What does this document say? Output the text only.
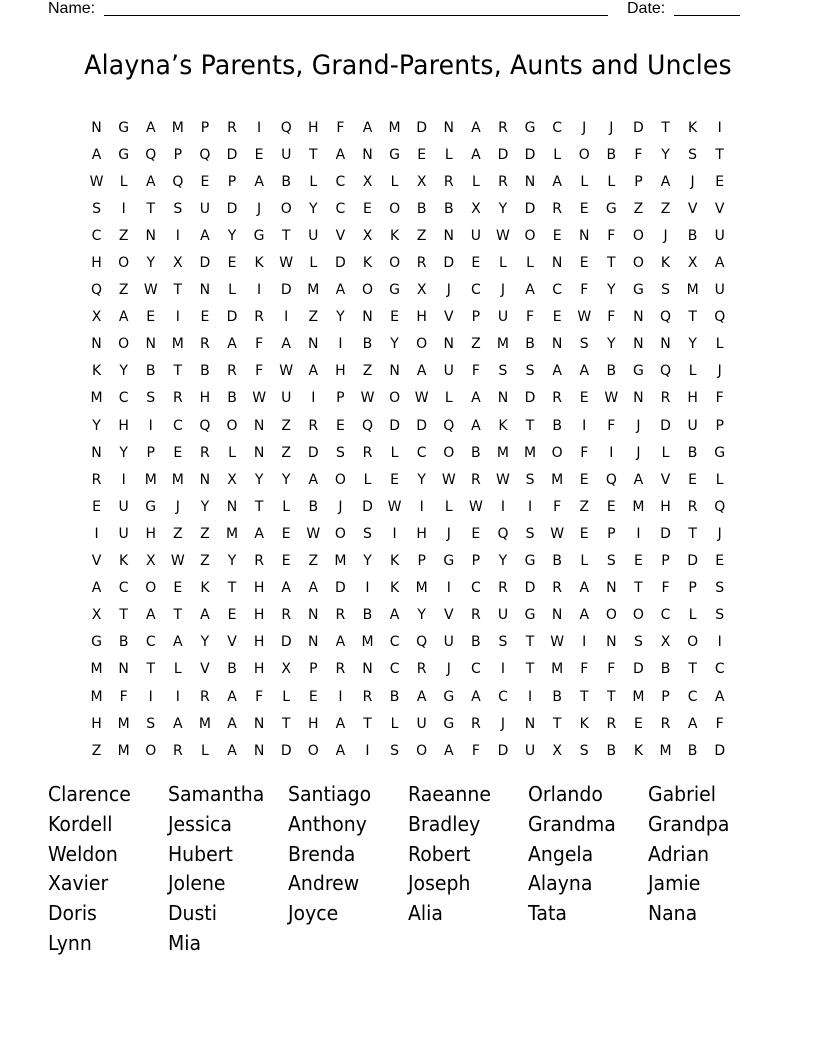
Name:	Date:
Alayna’s Parents, Grand-Parents, Aunts and Uncles
N	G	A	M	P	R	I	Q	H	F	A	M	D	N	A	R	G	C	J	J	D	T	K	I
A	G	Q	P	Q	D	E	U	T	A	N	G	E	L	A	D	D	L	O	B	F	Y	S	T
W	L	A	Q	E	P	A	B	L	C	X	L	X	R	L	R	N	A	L	L	P	A	J	E
S	I	T	S	U	D	J	O	Y	C	E	O	B	B	X	Y	D	R	E	G	Z	Z	V	V
C	Z	N	I	A	Y	G	T	U	V	X	K	Z	N	U	W	O	E	N	F	O	J	B	U
H	O	Y	X	D	E	K	W	L	D	K	O	R	D	E	L	L	N	E	T	O	K	X	A
Q	Z	W	T	N	L	I	D	M	A	O	G	X	J	C	J	A	C	F	Y	G	S	M	U
X	A	E	I	E	D	R	I	Z	Y	N	E	H	V	P	U	F	E	W	F	N	Q	T	Q
N	O	N	M	R	A	F	A	N	I	B	Y	O	N	Z	M	B	N	S	Y	N	N	Y	L
K	Y	B	T	B	R	F	W	A	H	Z	N	A	U	F	S	S	A	A	B	G	Q	L	J
M	C	S	R	H	B	W	U	I	P	W	O	W	L	A	N	D	R	E	W	N	R	H	F
Y	H	I	C	Q	O	N	Z	R	E	Q	D	D	Q	A	K	T	B	I	F	J	D	U	P
N	Y	P	E	R	L	N	Z	D	S	R	L	C	O	B	M	M	O	F	I	J	L	B	G
R	I	M	M	N	X	Y	Y	A	O	L	E	Y	W	R	W	S	M	E	Q	A	V	E	L
E	U	G	J	Y	N	T	L	B	J	D	W	I	L	W	I	I	F	Z	E	M	H	R	Q
I	U	H	Z	Z	M	A	E	W	O	S	I	H	J	E	Q	S	W	E	P	I	D	T	J
V	K	X	W	Z	Y	R	E	Z	M	Y	K	P	G	P	Y	G	B	L	S	E	P	D	E
A	C	O	E	K	T	H	A	A	D	I	K	M	I	C	R	D	R	A	N	T	F	P	S
X	T	A	T	A	E	H	R	N	R	B	A	Y	V	R	U	G	N	A	O	O	C	L	S
G	B	C	A	Y	V	H	D	N	A	M	C	Q	U	B	S	T	W	I	N	S	X	O	I
M	N	T	L	V	B	H	X	P	R	N	C	R	J	C	I	T	M	F	F	D	B	T	C
M	F	I	I	R	A	F	L	E	I	R	B	A	G	A	C	I	B	T	T	M	P	C	A
H	M	S	A	M	A	N	T	H	A	T	L	U	G	R	J	N	T	K	R	E	R	A	F
Z	M	O	R	L	A	N	D	O	A	I	S	O	A	F	D	U	X	S	B	K	M	B	D
Clarence	Samantha	Santiago	Raeanne	Orlando	Gabriel
Kordell	Jessica	Anthony	Bradley	Grandma	Grandpa
Weldon	Hubert	Brenda	Robert	Angela	Adrian
Xavier	Jolene	Andrew	Joseph	Alayna	Jamie
Doris	Dusti	Joyce	Alia	Tata	Nana
Lynn	Mia
